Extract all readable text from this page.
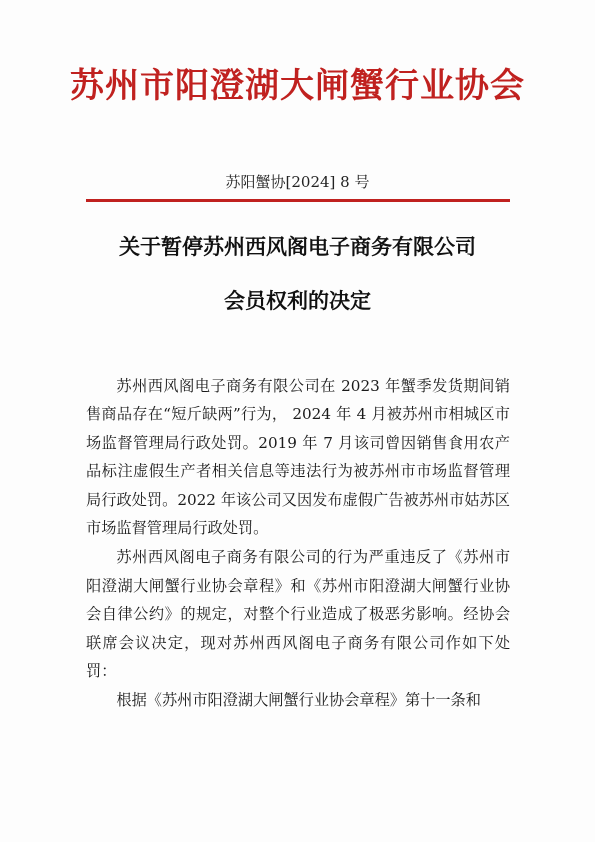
苏州市阳澄湖大闸蟹行业协会
苏阳蟹协[2024] 8 号
关于暂停苏州西风阁电子商务有限公司
会员权利的决定

苏州西风阁电子商务有限公司在 2023 年蟹季发货期间销售商品存在“短斤缺两”行为， 2024 年 4 月被苏州市相城区市场监督管理局行政处罚。2019 年 7 月该司曾因销售食用农产品标注虚假生产者相关信息等违法行为被苏州市市场监督管理局行政处罚。2022 年该公司又因发布虚假广告被苏州市姑苏区市场监督管理局行政处罚。

苏州西风阁电子商务有限公司的行为严重违反了《苏州市阳澄湖大闸蟹行业协会章程》和《苏州市阳澄湖大闸蟹行业协会自律公约》的规定，对整个行业造成了极恶劣影响。经协会联席会议决定，现对苏州西风阁电子商务有限公司作如下处罚：

根据《苏州市阳澄湖大闸蟹行业协会章程》第十一条和
